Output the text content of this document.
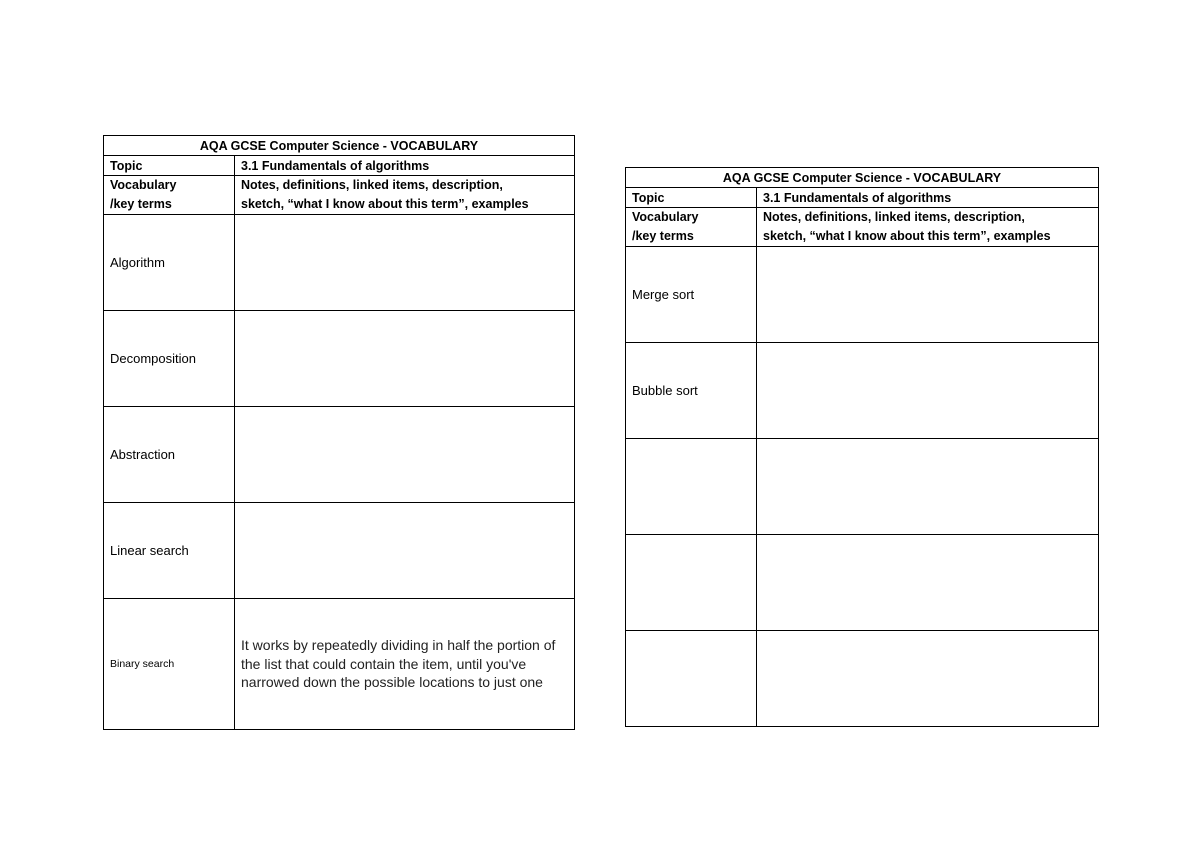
AQA GCSE Computer Science - VOCABULARY	
Topic	3.1 Fundamentals of algorithms

Vocabulary
/key terms	Notes, definitions, linked items, description,
sketch, “what I know about this term”, examples

Algorithm	
Decomposition	
Abstraction	
Linear search	
Binary search	It works by repeatedly dividing in half the portion of the list that could contain the item, until you've narrowed down the possible locations to just one
AQA GCSE Computer Science - VOCABULARY	
Topic	3.1 Fundamentals of algorithms

Vocabulary
/key terms	Notes, definitions, linked items, description,
sketch, “what I know about this term”, examples

Merge sort	
Bubble sort	
